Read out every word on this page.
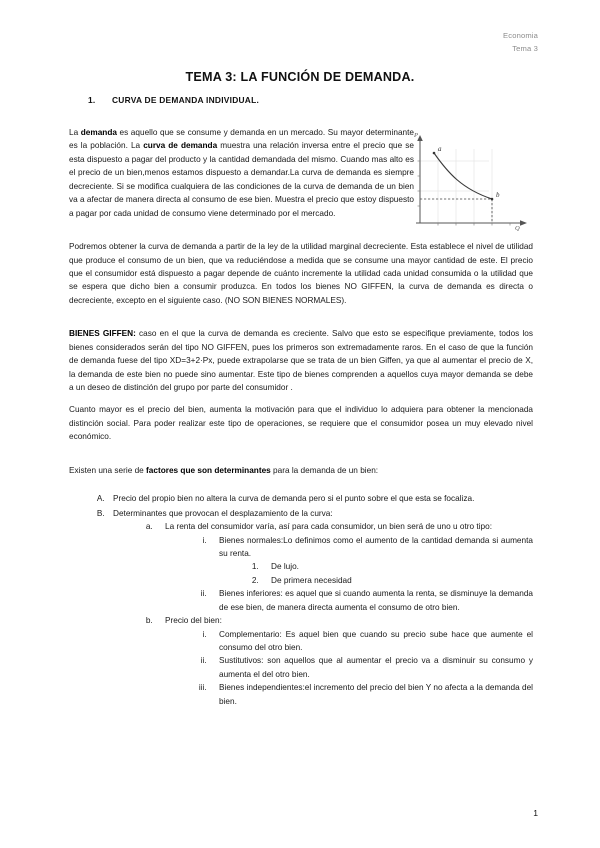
Economia
Tema 3
TEMA 3: LA FUNCIÓN DE DEMANDA.
1. CURVA DE DEMANDA INDIVIDUAL.
a
b
Q
P

La demanda es aquello que se consume y demanda en un mercado. Su mayor determinante es la población. La curva de demanda muestra una relación inversa entre el precio que se esta dispuesto a pagar del producto y la cantidad demandada del mismo. Cuando mas alto es el precio de un bien,menos estamos dispuesto a demandar.La curva de demanda es siempre decreciente. Si se modifica cualquiera de las condiciones de la curva de demanda de un bien va a afectar de manera directa al consumo de ese bien. Muestra el precio que estoy dispuesto a pagar por cada unidad de consumo viene determinado por el mercado.

Podremos obtener la curva de demanda a partir de la ley de la utilidad marginal decreciente. Esta establece el nivel de utilidad que produce el consumo de un bien, que va reduciéndose a medida que se consume una mayor cantidad de este. El precio que el consumidor está dispuesto a pagar depende de cuánto incremente la utilidad cada unidad consumida o la utilidad que se espera que dicho bien a consumir produzca. En todos los bienes NO GIFFEN, la curva de demanda es directa o decreciente, excepto en el siguiente caso. (NO SON BIENES NORMALES).

BIENES GIFFEN: caso en el que la curva de demanda es creciente. Salvo que esto se especifique previamente, todos los bienes considerados serán del tipo NO GIFFEN, pues los primeros son extremadamente raros. En el caso de que la función de demanda fuese del tipo XD=3+2·Px, puede extrapolarse que se trata de un bien Giffen, ya que al aumentar el precio de X, la demanda de este bien no puede sino aumentar. Este tipo de bienes comprenden a aquellos cuya mayor demanda se debe a un deseo de distinción del grupo por parte del consumidor .

Cuanto mayor es el precio del bien, aumenta la motivación para que el individuo lo adquiera para obtener la mencionada distinción social. Para poder realizar este tipo de operaciones, se requiere que el consumidor posea un muy elevado nivel económico.

Existen una serie de factores que son determinantes para la demanda de un bien:

A. Precio del propio bien no altera la curva de demanda pero si el punto sobre el que esta se focaliza.
B. Determinantes que provocan el desplazamiento de la curva:
a. La renta del consumidor varía, así para cada consumidor, un bien será de uno u otro tipo:
i. Bienes normales:Lo definimos como el aumento de la cantidad demanda si aumenta su renta.
1. De lujo.
2. De primera necesidad
ii. Bienes inferiores: es aquel que si cuando aumenta la renta, se disminuye la demanda de ese bien, de manera directa aumenta el consumo de otro bien.
b. Precio del bien:
i. Complementario: Es aquel bien que cuando su precio sube hace que aumente el consumo del otro bien.
ii. Sustitutivos: son aquellos que al aumentar el precio va a disminuir su consumo y aumenta el del otro bien.
iii. Bienes independientes:el incremento del precio del bien Y no afecta a la demanda del bien.
1
